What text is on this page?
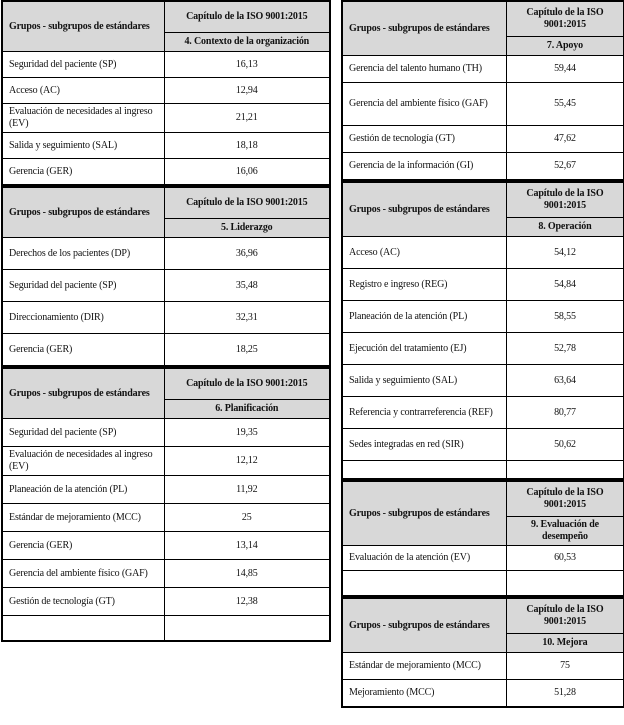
Grupos - subgrupos de estándares	Capítulo de la ISO 9001:2015
	4. Contexto de la organización
Seguridad del paciente (SP)	16,13
Acceso (AC)	12,94
Evaluación de necesidades al ingreso (EV)	21,21
Salida y seguimiento (SAL)	18,18
Gerencia (GER)	16,06
Grupos - subgrupos de estándares	Capítulo de la ISO 9001:2015
	5. Liderazgo
Derechos de los pacientes (DP)	36,96
Seguridad del paciente (SP)	35,48
Direccionamiento (DIR)	32,31
Gerencia (GER)	18,25
Grupos - subgrupos de estándares	Capítulo de la ISO 9001:2015
	6. Planificación
Seguridad del paciente (SP)	19,35
Evaluación de necesidades al ingreso (EV)	12,12
Planeación de la atención (PL)	11,92
Estándar de mejoramiento (MCC)	25
Gerencia (GER)	13,14
Gerencia del ambiente físico (GAF)	14,85
Gestión de tecnología (GT)	12,38

Grupos - subgrupos de estándares	Capítulo de la ISO 9001:2015
	7. Apoyo
Gerencia del talento humano (TH)	59,44
Gerencia del ambiente físico (GAF)	55,45
Gestión de tecnología (GT)	47,62
Gerencia de la información (GI)	52,67
Grupos - subgrupos de estándares	Capítulo de la ISO 9001:2015
	8. Operación
Acceso (AC)	54,12
Registro e ingreso (REG)	54,84
Planeación de la atención (PL)	58,55
Ejecución del tratamiento (EJ)	52,78
Salida y seguimiento (SAL)	63,64
Referencia y contrarreferencia (REF)	80,77
Sedes integradas en red (SIR)	50,62

Grupos - subgrupos de estándares	Capítulo de la ISO 9001:2015
	9. Evaluación de desempeño
Evaluación de la atención (EV)	60,53

Grupos - subgrupos de estándares	Capítulo de la ISO 9001:2015
	10. Mejora
Estándar de mejoramiento (MCC)	75
Mejoramiento (MCC)	51,28
